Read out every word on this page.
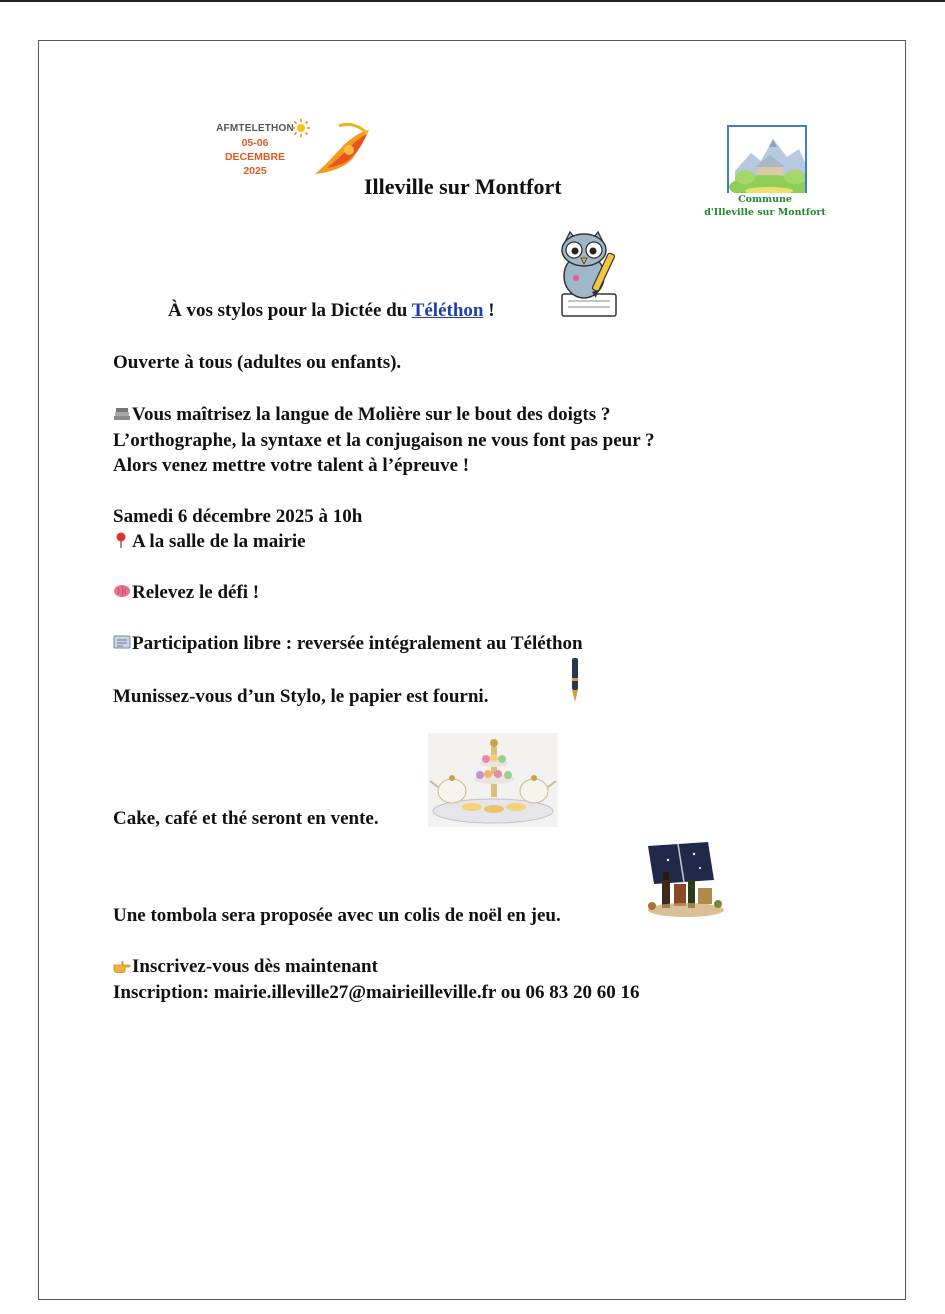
AFMTELETHON
05-06
DECEMBRE
2025
Commune
d'Illeville sur Montfort
Illeville sur Montfort
À vos stylos pour la Dictée du Téléthon !
Ouverte à tous (adultes ou enfants).
Vous maîtrisez la langue de Molière sur le bout des doigts ?
L’orthographe, la syntaxe et la conjugaison ne vous font pas peur ?
Alors venez mettre votre talent à l’épreuve !
Samedi 6 décembre 2025 à 10h
A la salle de la mairie
Relevez le défi !
Participation libre : reversée intégralement au Téléthon
Munissez-vous d’un Stylo, le papier est fourni.
Cake, café et thé seront en vente.
Une tombola sera proposée avec un colis de noël en jeu.
Inscrivez-vous dès maintenant
Inscription: mairie.illeville27@mairieilleville.fr ou 06 83 20 60 16
